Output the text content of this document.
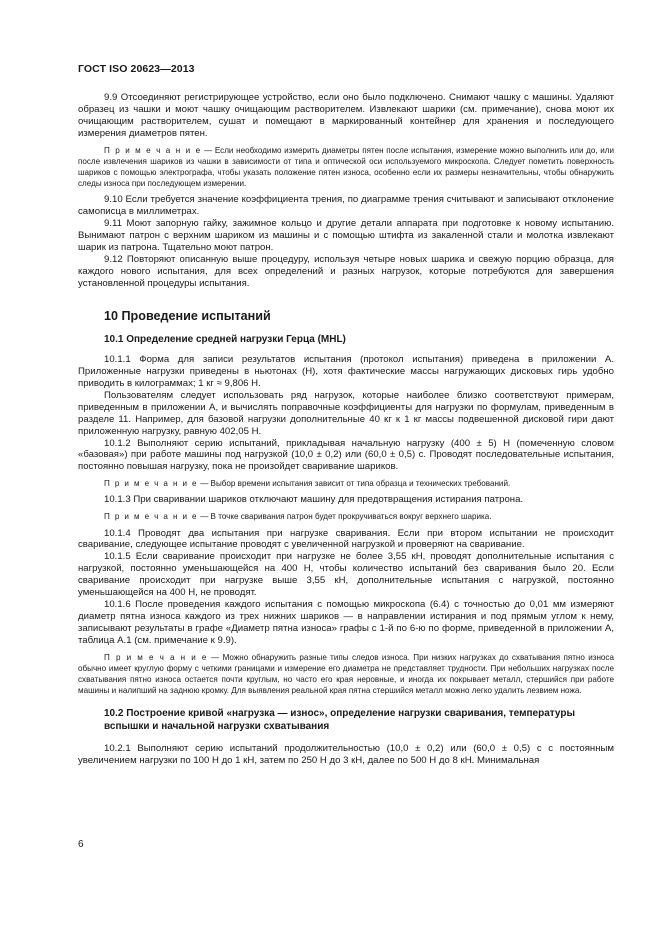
ГОСТ ISO 20623—2013

9.9 Отсоединяют регистрирующее устройство, если оно было подключено. Снимают чашку с машины. Удаляют образец из чашки и моют чашку очищающим растворителем. Извлекают шарики (см. примечание), снова моют их очищающим растворителем, сушат и помещают в маркированный контейнер для хранения и последующего измерения диаметров пятен.

П р и м е ч а н и е — Если необходимо измерить диаметры пятен после испытания, измерение можно выполнить или до, или после извлечения шариков из чашки в зависимости от типа и оптической оси используемого микроскопа. Следует пометить поверхность шариков с помощью электрографа, чтобы указать положение пятен износа, особенно если их размеры незначительны, чтобы обнаружить следы износа при последующем измерении.

9.10 Если требуется значение коэффициента трения, по диаграмме трения считывают и записывают отклонение самописца в миллиметрах.

9.11 Моют запорную гайку, зажимное кольцо и другие детали аппарата при подготовке к новому испытанию. Вынимают патрон с верхним шариком из машины и с помощью штифта из закаленной стали и молотка извлекают шарик из патрона. Тщательно моют патрон.

9.12 Повторяют описанную выше процедуру, используя четыре новых шарика и свежую порцию образца, для каждого нового испытания, для всех определений и разных нагрузок, которые потребуются для завершения установленной процедуры испытания.

10 Проведение испытаний
10.1 Определение средней нагрузки Герца (MHL)

10.1.1 Форма для записи результатов испытания (протокол испытания) приведена в приложении А. Приложенные нагрузки приведены в ньютонах (Н), хотя фактические массы нагружающих дисковых гирь удобно приводить в килограммах; 1 кг ≈ 9,806 Н.

Пользователям следует использовать ряд нагрузок, которые наиболее близко соответствуют примерам, приведенным в приложении А, и вычислять поправочные коэффициенты для нагрузки по формулам, приведенным в разделе 11. Например, для базовой нагрузки дополнительные 40 кг к 1 кг массы подвешенной дисковой гири дают приложенную нагрузку, равную 402,05 Н.

10.1.2 Выполняют серию испытаний, прикладывая начальную нагрузку (400 ± 5) Н (помеченную словом «базовая») при работе машины под нагрузкой (10,0 ± 0,2) или (60,0 ± 0,5) с. Проводят последовательные испытания, постоянно повышая нагрузку, пока не произойдет сваривание шариков.

П р и м е ч а н и е — Выбор времени испытания зависит от типа образца и технических требований.

10.1.3 При сваривании шариков отключают машину для предотвращения истирания патрона.

П р и м е ч а н и е — В точке сваривания патрон будет прокручиваться вокруг верхнего шарика.

10.1.4 Проводят два испытания при нагрузке сваривания. Если при втором испытании не происходит сваривание, следующее испытание проводят с увеличенной нагрузкой и проверяют на сваривание.

10.1.5 Если сваривание происходит при нагрузке не более 3,55 кН, проводят дополнительные испытания с нагрузкой, постоянно уменьшающейся на 400 Н, чтобы количество испытаний без сваривания было 20. Если сваривание происходит при нагрузке выше 3,55 кН, дополнительные испытания с нагрузкой, постоянно уменьшающейся на 400 Н, не проводят.

10.1.6 После проведения каждого испытания с помощью микроскопа (6.4) с точностью до 0,01 мм измеряют диаметр пятна износа каждого из трех нижних шариков — в направлении истирания и под прямым углом к нему, записывают результаты в графе «Диаметр пятна износа» графы с 1-й по 6-ю по форме, приведенной в приложении А, таблица А.1 (см. примечание к 9.9).

П р и м е ч а н и е — Можно обнаружить разные типы следов износа. При низких нагрузках до схватывания пятно износа обычно имеет круглую форму с четкими границами и измерение его диаметра не представляет трудности. При небольших нагрузках после схватывания пятно износа остается почти круглым, но часто его края неровные, и иногда их покрывает металл, стершийся при работе машины и налипший на заднюю кромку. Для выявления реальной края пятна стершийся металл можно легко удалить лезвием ножа.

10.2 Построение кривой «нагрузка — износ», определение нагрузки сваривания, температуры вспышки и начальной нагрузки схватывания

10.2.1 Выполняют серию испытаний продолжительностью (10,0 ± 0,2) или (60,0 ± 0,5) с с постоянным увеличением нагрузки по 100 Н до 1 кН, затем по 250 Н до 3 кН, далее по 500 Н до 8 кН. Минимальная

6
